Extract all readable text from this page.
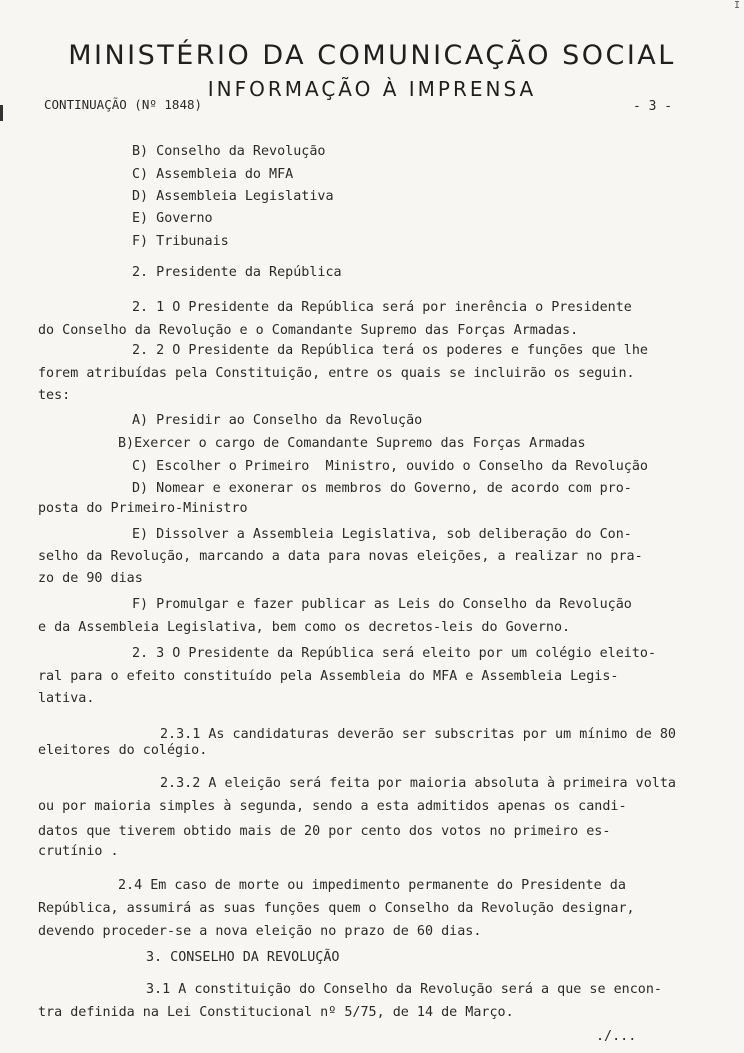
I
MINISTÉRIO DA COMUNICAÇÃO SOCIAL
INFORMAÇÃO À IMPRENSA
CONTINUAÇÃO (Nº 1848)	- 3 -
B) Conselho da Revolução
C) Assembleia do MFA
D) Assembleia Legislativa
E) Governo
F) Tribunais
2. Presidente da República
2. 1 O Presidente da República será por inerência o Presidente
do Conselho da Revolução e o Comandante Supremo das Forças Armadas.
2. 2 O Presidente da República terá os poderes e funções que lhe
forem atribuídas pela Constituição, entre os quais se incluirão os seguin.
tes:
A) Presidir ao Conselho da Revolução
B)Exercer o cargo de Comandante Supremo das Forças Armadas
C) Escolher o Primeiro  Ministro, ouvido o Conselho da Revolução
D) Nomear e exonerar os membros do Governo, de acordo com pro-
posta do Primeiro-Ministro
E) Dissolver a Assembleia Legislativa, sob deliberação do Con-
selho da Revolução, marcando a data para novas eleições, a realizar no pra-
zo de 90 dias
F) Promulgar e fazer publicar as Leis do Conselho da Revolução
e da Assembleia Legislativa, bem como os decretos-leis do Governo.
2. 3 O Presidente da República será eleito por um colégio eleito-
ral para o efeito constituído pela Assembleia do MFA e Assembleia Legis-
lativa.
2.3.1 As candidaturas deverão ser subscritas por um mínimo de 80
eleitores do colégio.
2.3.2 A eleição será feita por maioria absoluta à primeira volta
ou por maioria simples à segunda, sendo a esta admitidos apenas os candi-
datos que tiverem obtido mais de 20 por cento dos votos no primeiro es-
crutínio .
2.4 Em caso de morte ou impedimento permanente do Presidente da
República, assumirá as suas funções quem o Conselho da Revolução designar,
devendo proceder-se a nova eleição no prazo de 60 dias.
3. CONSELHO DA REVOLUÇÃO
3.1 A constituição do Conselho da Revolução será a que se encon-
tra definida na Lei Constitucional nº 5/75, de 14 de Março.
./...
